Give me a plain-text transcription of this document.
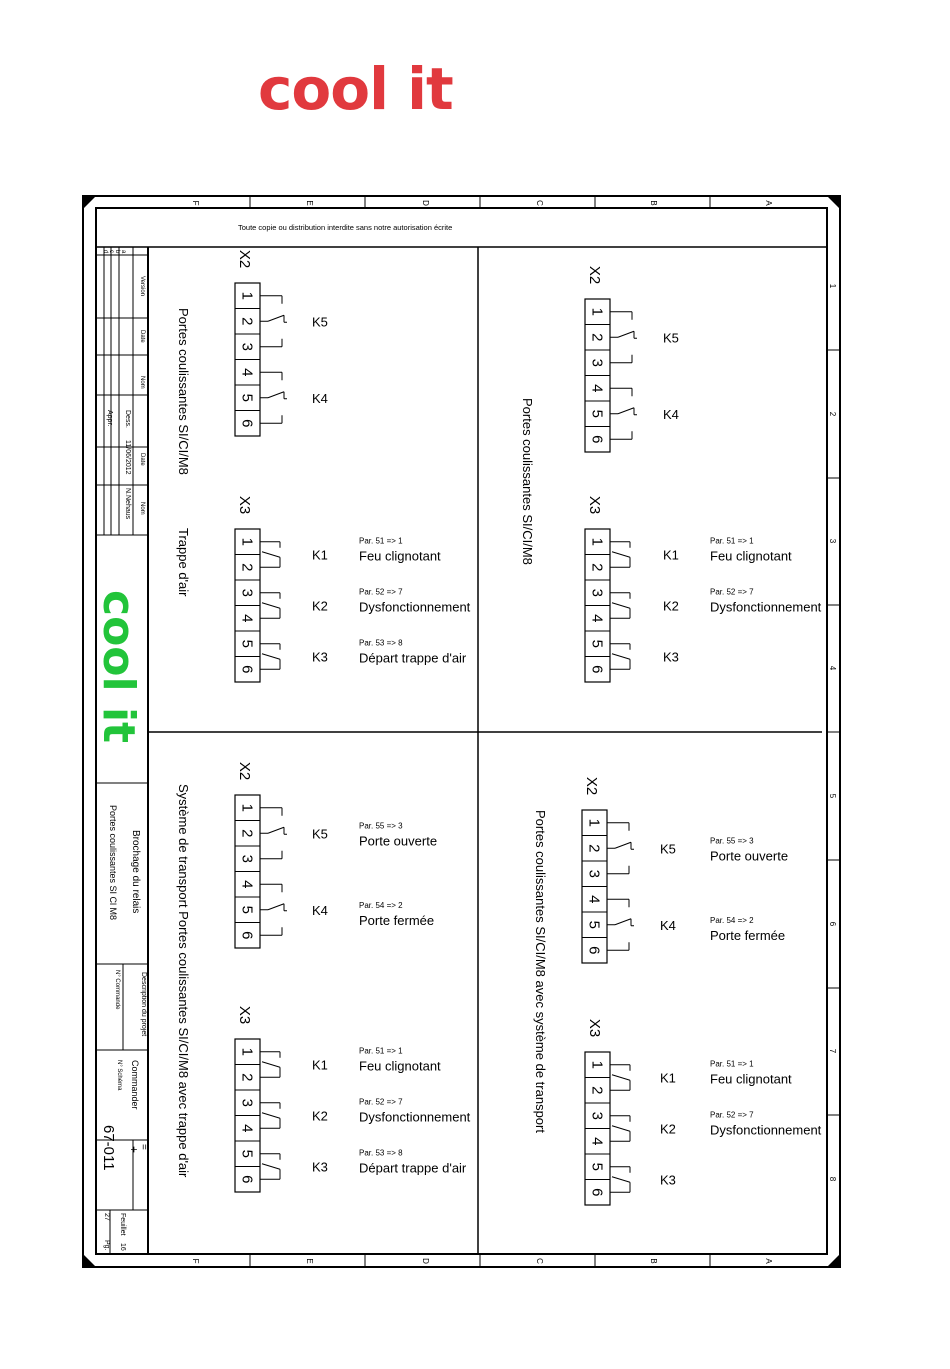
cool it
F
F
E
E
D
D
C
C
B
B
A
A
1
2
3
4
5
6
7
8
Toute copie ou distribution interdite sans notre autorisation écrite
a
b
c
d
Version
Date
Nom
Dess.
Appr.
Date
11/06/2012
Nom
N.Nehaus
cool it
Brochage du relais
Portes coulissantes SI Cl M8
Description du projet
N° Commande
Commander
N° Schéma
67-011 =
+
Feuillet
16
27
Pg.
X2
1
2
3
4
5
6
K5
K4
X3
1
2
3
4
5
6
K1
Par. 51 => 1
Feu clignotant
K2
Par. 52 => 7
Dysfonctionnement
K3
Par. 53 => 8
Départ trappe d'air
X2
1
2
3
4
5
6
K5
K4
X3
1
2
3
4
5
6
K1
Par. 51 => 1
Feu clignotant
K2
Par. 52 => 7
Dysfonctionnement
K3
X2
1
2
3
4
5
6
K5
K4
Par. 55 => 3
Porte ouverte
Par. 54 => 2
Porte fermée
X3
1
2
3
4
5
6
K1
Par. 51 => 1
Feu clignotant
K2
Par. 52 => 7
Dysfonctionnement
K3
Par. 53 => 8
Départ trappe d'air
X2
1
2
3
4
5
6
K5
K4
Par. 55 => 3
Porte ouverte
Par. 54 => 2
Porte fermée
X3
1
2
3
4
5
6
K1
Par. 51 => 1
Feu clignotant
K2
Par. 52 => 7
Dysfonctionnement
K3
Portes coulissantes SI/CI/M8
Trappe d'air	Portes coulissantes SI/CI/M8
Système de transport Portes coulissantes SI/CI/M8 avec trappe d'air	Portes coulissantes SI/CI/M8 avec système de transport
